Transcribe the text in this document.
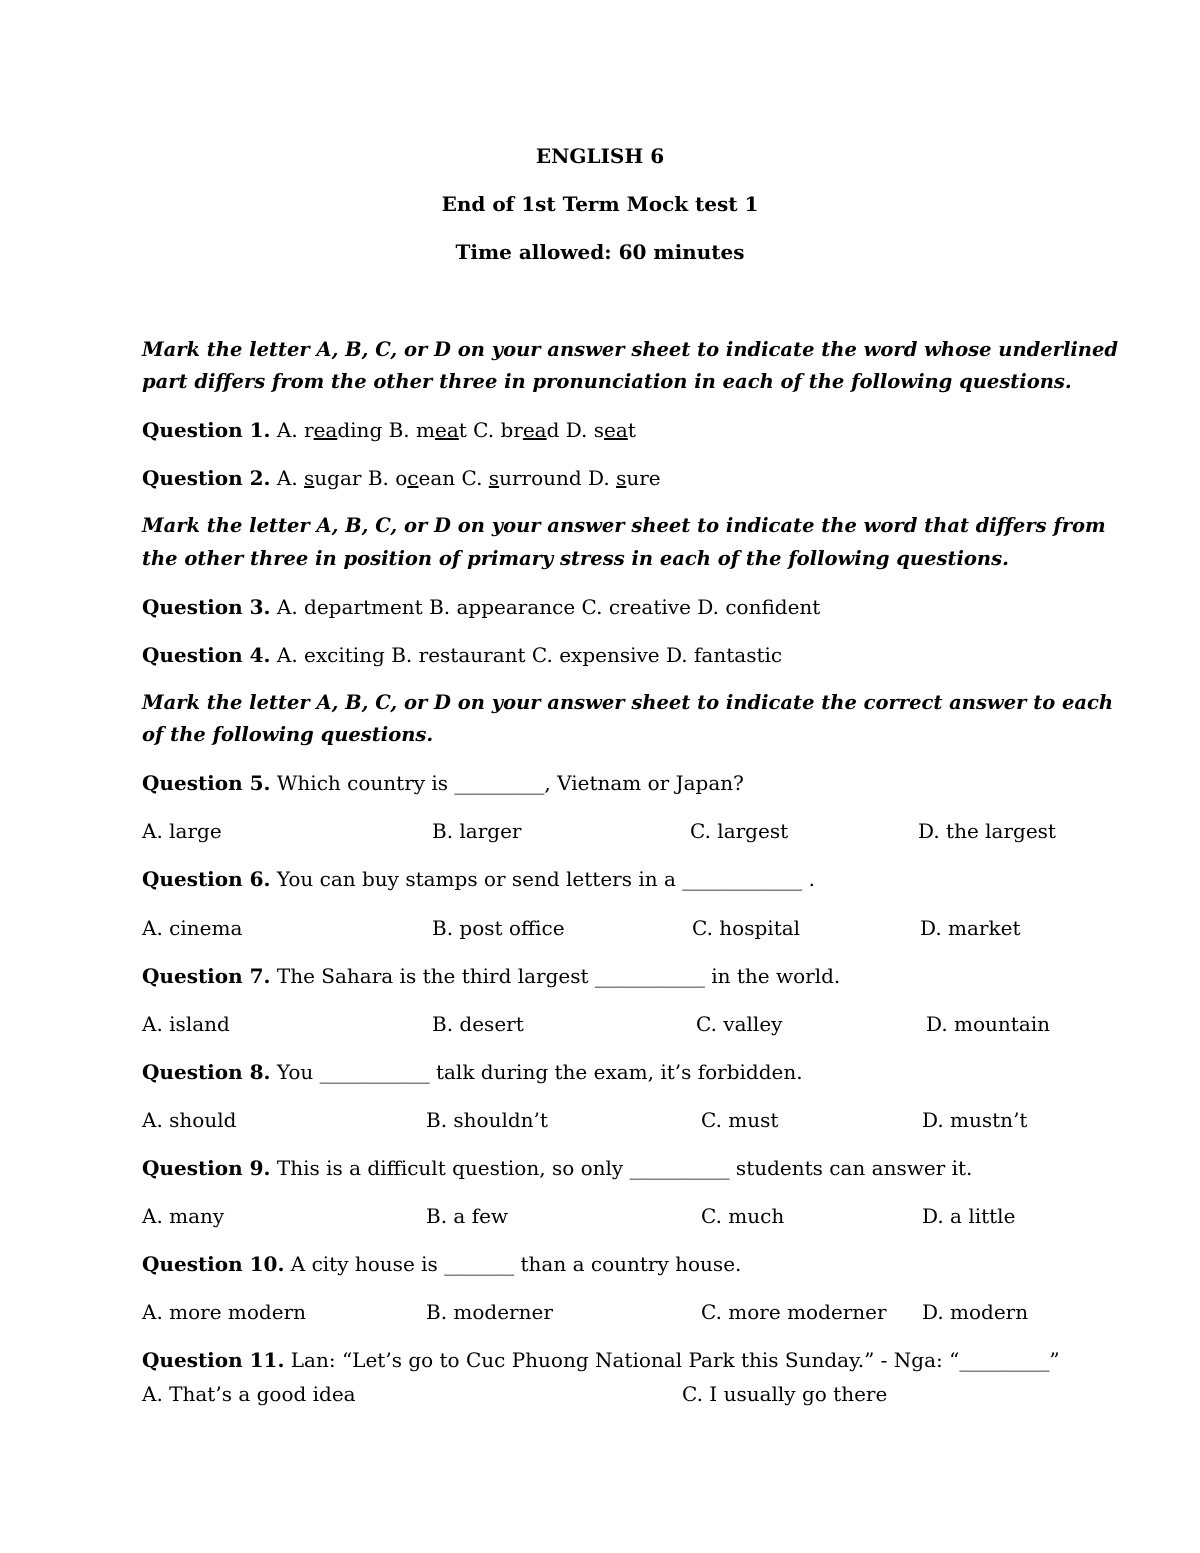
ENGLISH 6
End of 1st Term Mock test 1
Time allowed: 60 minutes
Mark the letter A, B, C, or D on your answer sheet to indicate the word whose underlined
part differs from the other three in pronunciation in each of the following questions.
Question 1. A. reading B. meat C. bread D. seat
Question 2. A. sugar B. ocean C. surround D. sure
Mark the letter A, B, C, or D on your answer sheet to indicate the word that differs from
the other three in position of primary stress in each of the following questions.
Question 3. A. department B. appearance C. creative D. confident
Question 4. A. exciting B. restaurant C. expensive D. fantastic
Mark the letter A, B, C, or D on your answer sheet to indicate the correct answer to each
of the following questions.
Question 5. Which country is _________, Vietnam or Japan?
A. large	B. larger	C. largest	D. the largest
Question 6. You can buy stamps or send letters in a ____________ .
A. cinema	B. post office	C. hospital	D. market
Question 7. The Sahara is the third largest ___________ in the world.
A. island	B. desert	C. valley	D. mountain
Question 8. You ___________ talk during the exam, it’s forbidden.
A. should	B. shouldn’t	C. must	D. mustn’t
Question 9. This is a difficult question, so only __________ students can answer it.
A. many	B. a few	C. much	D. a little
Question 10. A city house is _______ than a country house.
A. more modern	B. moderner	C. more moderner D. modern
Question 11. Lan: “Let’s go to Cuc Phuong National Park this Sunday.” - Nga: “_________”
A. That’s a good idea	C. I usually go there
